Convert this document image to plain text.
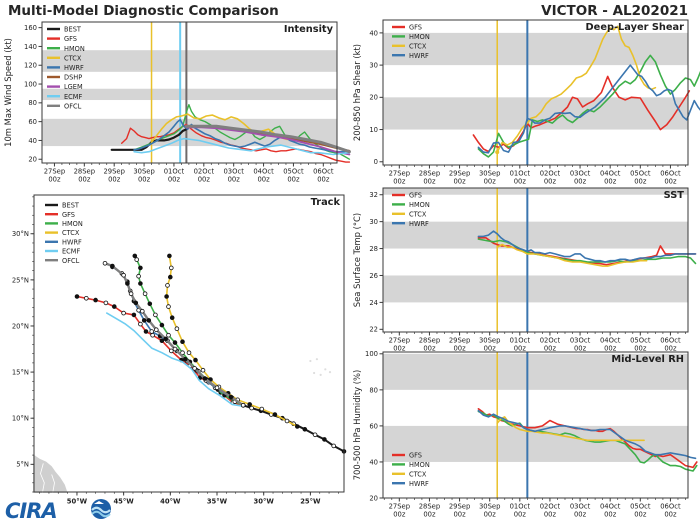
Multi-Model Diagnostic Comparison	VICTOR - AL202021
20
40
60
80
100
120
140
160
27Sep
00z
28Sep
00z
29Sep
00z
30Sep
00z
01Oct
00z
02Oct
00z
03Oct
00z
04Oct
00z
05Oct
00z
06Oct
00z
10m Max Wind Speed (kt)
Intensity
BEST
GFS
HMON
CTCX
HWRF
DSHP
LGEM
ECMF
OFCL
5°N
10°N
15°N
20°N
25°N
30°N
50°W	45°W	40°W	35°W	30°W	25°W
Track
BEST
GFS
HMON
CTCX
HWRF
ECMF
OFCL
0
10
20
30
40
27Sep
00z
28Sep
00z
29Sep
00z
30Sep
00z
01Oct
00z
02Oct
00z
03Oct
00z
04Oct
00z
05Oct
00z
06Oct
00z
200-850 hPa Shear (kt)
Deep-Layer Shear
GFS
HMON
CTCX
HWRF
22
24
26
28
30
32
27Sep
00z
28Sep
00z
29Sep
00z
30Sep
00z
01Oct
00z
02Oct
00z
03Oct
00z
04Oct
00z
05Oct
00z
06Oct
00z
Sea Surface Temp (°C)
SST
GFS
HMON
CTCX
HWRF
20
40
60
80
100
27Sep
00z
28Sep
00z
29Sep
00z
30Sep
00z
01Oct
00z
02Oct
00z
03Oct
00z
04Oct
00z
05Oct
00z
06Oct
00z
700-500 hPa Humidity (%)
Mid-Level RH
GFS
HMON
CTCX
HWRF
CIRA
